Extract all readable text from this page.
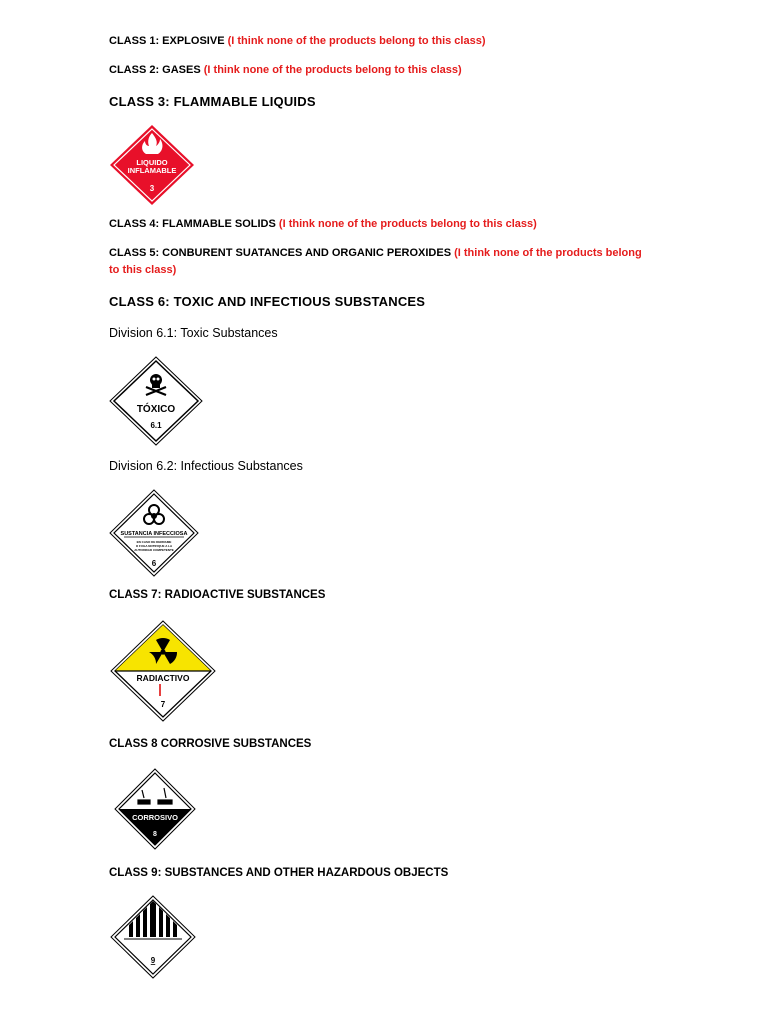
CLASS 1: EXPLOSIVE (I think none of the products belong to this class)
CLASS 2: GASES (I think none of the products belong to this class)
CLASS 3: FLAMMABLE LIQUIDS
LIQUIDO
INFLAMABLE
3
CLASS 4: FLAMMABLE SOLIDS (I think none of the products belong to this class)
CLASS 5: CONBURENT SUATANCES AND ORGANIC PEROXIDES (I think none of the products belong to this class)
CLASS 6: TOXIC AND INFECTIOUS SUBSTANCES
Division 6.1: Toxic Substances
TÓXICO
6.1
Division 6.2: Infectious Substances
SUSTANCIA INFECCIOSA
EN CASO DE DERRAME
O FUGA NOTIFIQUE A LA
AUTORIDAD COMPETENTE
6
CLASS 7: RADIOACTIVE SUBSTANCES
RADIACTIVO
7
CLASS 8 CORROSIVE SUBSTANCES
CORROSIVO
8
CLASS 9: SUBSTANCES AND OTHER HAZARDOUS OBJECTS
9
